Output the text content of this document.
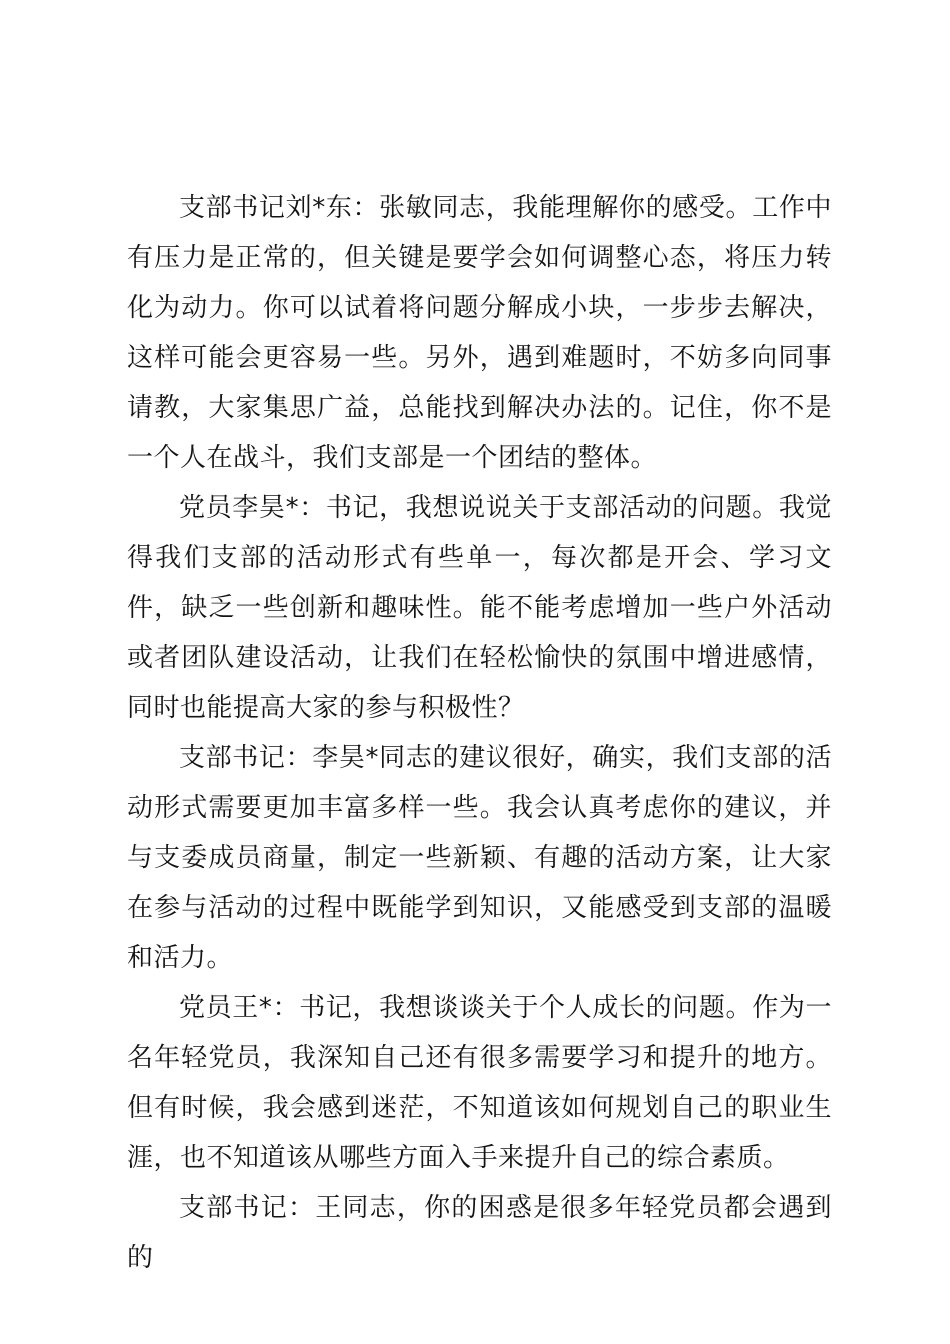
支部书记刘*东：张敏同志，我能理解你的感受。工作中有压力是正常的，但关键是要学会如何调整心态，将压力转化为动力。你可以试着将问题分解成小块，一步步去解决，这样可能会更容易一些。另外，遇到难题时，不妨多向同事请教，大家集思广益，总能找到解决办法的。记住，你不是一个人在战斗，我们支部是一个团结的整体。

党员李昊*：书记，我想说说关于支部活动的问题。我觉得我们支部的活动形式有些单一，每次都是开会、学习文件，缺乏一些创新和趣味性。能不能考虑增加一些户外活动或者团队建设活动，让我们在轻松愉快的氛围中增进感情，同时也能提高大家的参与积极性？

支部书记：李昊*同志的建议很好，确实，我们支部的活动形式需要更加丰富多样一些。我会认真考虑你的建议，并与支委成员商量，制定一些新颖、有趣的活动方案，让大家在参与活动的过程中既能学到知识，又能感受到支部的温暖和活力。

党员王*：书记，我想谈谈关于个人成长的问题。作为一名年轻党员，我深知自己还有很多需要学习和提升的地方。但有时候，我会感到迷茫，不知道该如何规划自己的职业生涯，也不知道该从哪些方面入手来提升自己的综合素质。

支部书记：王同志，你的困惑是很多年轻党员都会遇到的
